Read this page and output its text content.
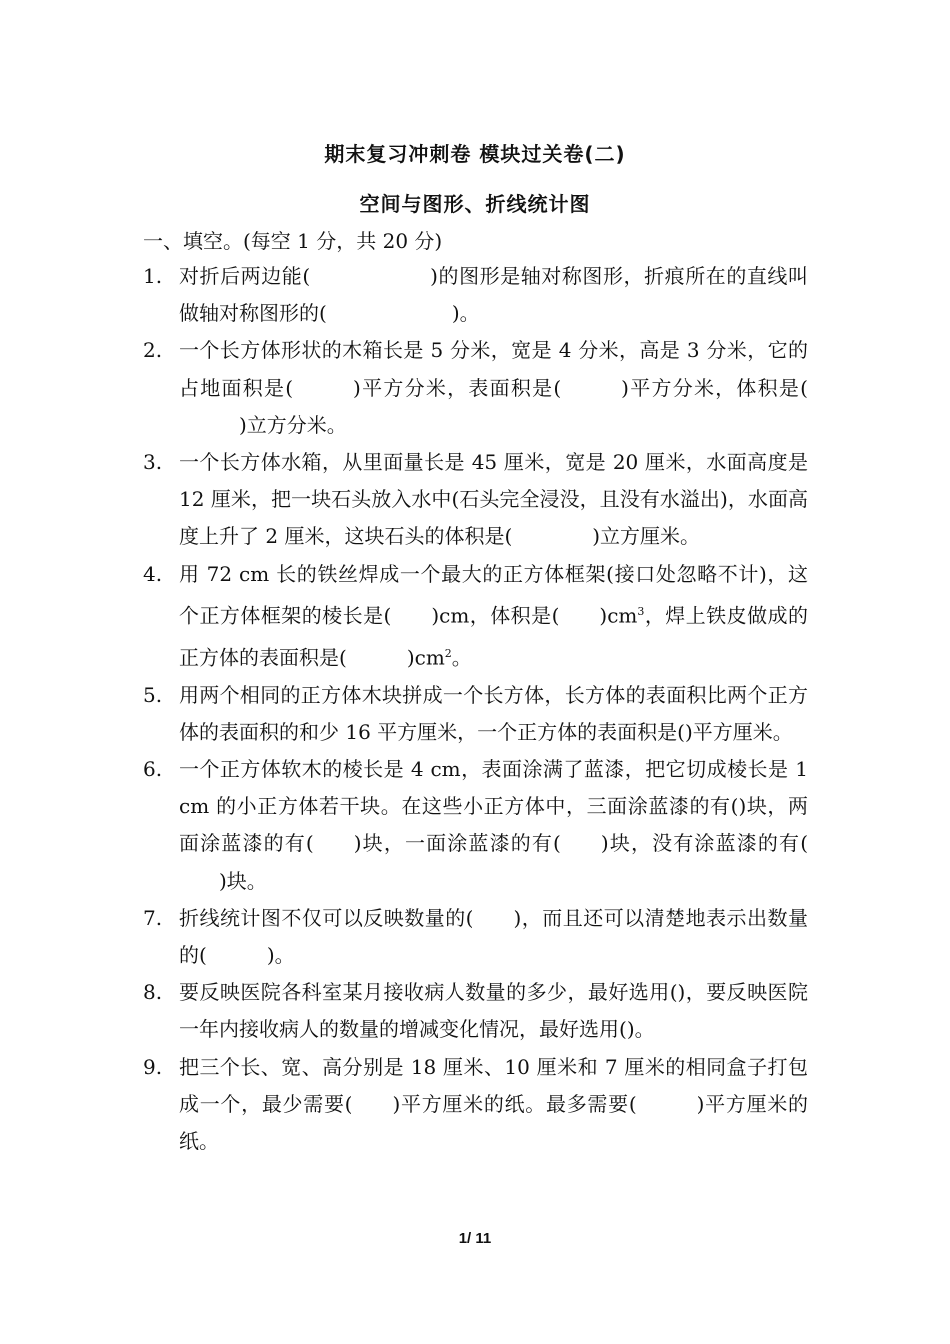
期末复习冲刺卷 模块过关卷(二)
空间与图形、折线统计图
一、填空。(每空 1 分，共 20 分)
1. 对折后两边能(	)的图形是轴对称图形，折痕所在的直线叫做轴对称图形的(	)。
2. 一个长方体形状的木箱长是 5 分米，宽是 4 分米，高是 3 分米，它的占地面积是(	)平方分米，表面积是(	)平方分米，体积是()立方分米。
3. 一个长方体水箱，从里面量长是 45 厘米，宽是 20 厘米，水面高度是 12 厘米，把一块石头放入水中(石头完全浸没，且没有水溢出)，水面高度上升了 2 厘米，这块石头的体积是(	)立方厘米。
4. 用 72 cm 长的铁丝焊成一个最大的正方体框架(接口处忽略不计)，这个正方体框架的棱长是( )cm，体积是( )$cm^3$，焊上铁皮做成的正方体的表面积是(	)$cm^2$。
5. 用两个相同的正方体木块拼成一个长方体，长方体的表面积比两个正方体的表面积的和少 16 平方厘米，一个正方体的表面积是()平方厘米。
6. 一个正方体软木的棱长是 4 cm，表面涂满了蓝漆，把它切成棱长是 1 cm 的小正方体若干块。在这些小正方体中，三面涂蓝漆的有()块，两面涂蓝漆的有( )块，一面涂蓝漆的有( )块，没有涂蓝漆的有()块。
7. 折线统计图不仅可以反映数量的( )，而且还可以清楚地表示出数量的(	)。
8. 要反映医院各科室某月接收病人数量的多少，最好选用()，要反映医院一年内接收病人的数量的增减变化情况，最好选用()。
9. 把三个长、宽、高分别是 18 厘米、10 厘米和 7 厘米的相同盒子打包成一个，最少需要( )平方厘米的纸。最多需要(	)平方厘米的纸。
1/ 11
